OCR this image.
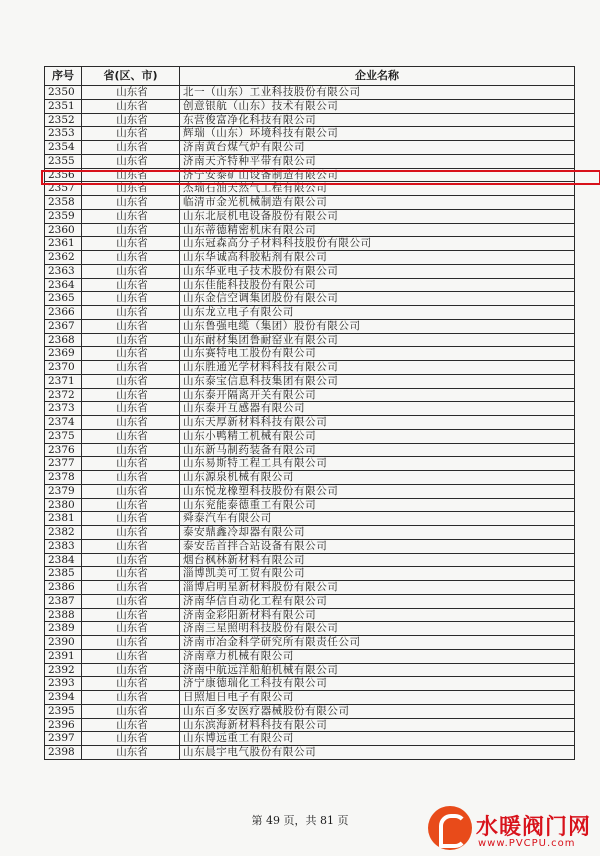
序号	省(区、市)	企业名称
2350	山东省	北一（山东）工业科技股份有限公司
2351	山东省	创意银航（山东）技术有限公司
2352	山东省	东营俊富净化科技有限公司
2353	山东省	辉瑞（山东）环境科技有限公司
2354	山东省	济南黄台煤气炉有限公司
2355	山东省	济南天齐特种平带有限公司
2356	山东省	济宁安泰矿山设备制造有限公司
2357	山东省	杰瑞石油天然气工程有限公司
2358	山东省	临清市金光机械制造有限公司
2359	山东省	山东北辰机电设备股份有限公司
2360	山东省	山东蒂德精密机床有限公司
2361	山东省	山东冠森高分子材料科技股份有限公司
2362	山东省	山东华诚高科胶粘剂有限公司
2363	山东省	山东华亚电子技术股份有限公司
2364	山东省	山东佳能科技股份有限公司
2365	山东省	山东金信空调集团股份有限公司
2366	山东省	山东龙立电子有限公司
2367	山东省	山东鲁强电缆（集团）股份有限公司
2368	山东省	山东耐材集团鲁耐窑业有限公司
2369	山东省	山东赛特电工股份有限公司
2370	山东省	山东胜通光学材料科技有限公司
2371	山东省	山东泰宝信息科技集团有限公司
2372	山东省	山东泰开隔离开关有限公司
2373	山东省	山东泰开互感器有限公司
2374	山东省	山东天厚新材料科技有限公司
2375	山东省	山东小鸭精工机械有限公司
2376	山东省	山东新马制药装备有限公司
2377	山东省	山东易斯特工程工具有限公司
2378	山东省	山东源泉机械有限公司
2379	山东省	山东悦龙橡塑科技股份有限公司
2380	山东省	山东兖能泰德重工有限公司
2381	山东省	舜泰汽车有限公司
2382	山东省	泰安鼎鑫冷却器有限公司
2383	山东省	泰安岳首拌合站设备有限公司
2384	山东省	烟台枫林新材料有限公司
2385	山东省	淄博凯美可工贸有限公司
2386	山东省	淄博启明星新材料股份有限公司
2387	山东省	济南华信自动化工程有限公司
2388	山东省	济南金彩阳新材料有限公司
2389	山东省	济南三星照明科技股份有限公司
2390	山东省	济南市冶金科学研究所有限责任公司
2391	山东省	济南章力机械有限公司
2392	山东省	济南中航远洋船舶机械有限公司
2393	山东省	济宁康德瑞化工科技有限公司
2394	山东省	日照旭日电子有限公司
2395	山东省	山东百多安医疗器械股份有限公司
2396	山东省	山东滨海新材料科技有限公司
2397	山东省	山东博远重工有限公司
2398	山东省	山东晨宇电气股份有限公司
第 49 页，共 81 页	水暖阀门网
www.PVCPU.com
